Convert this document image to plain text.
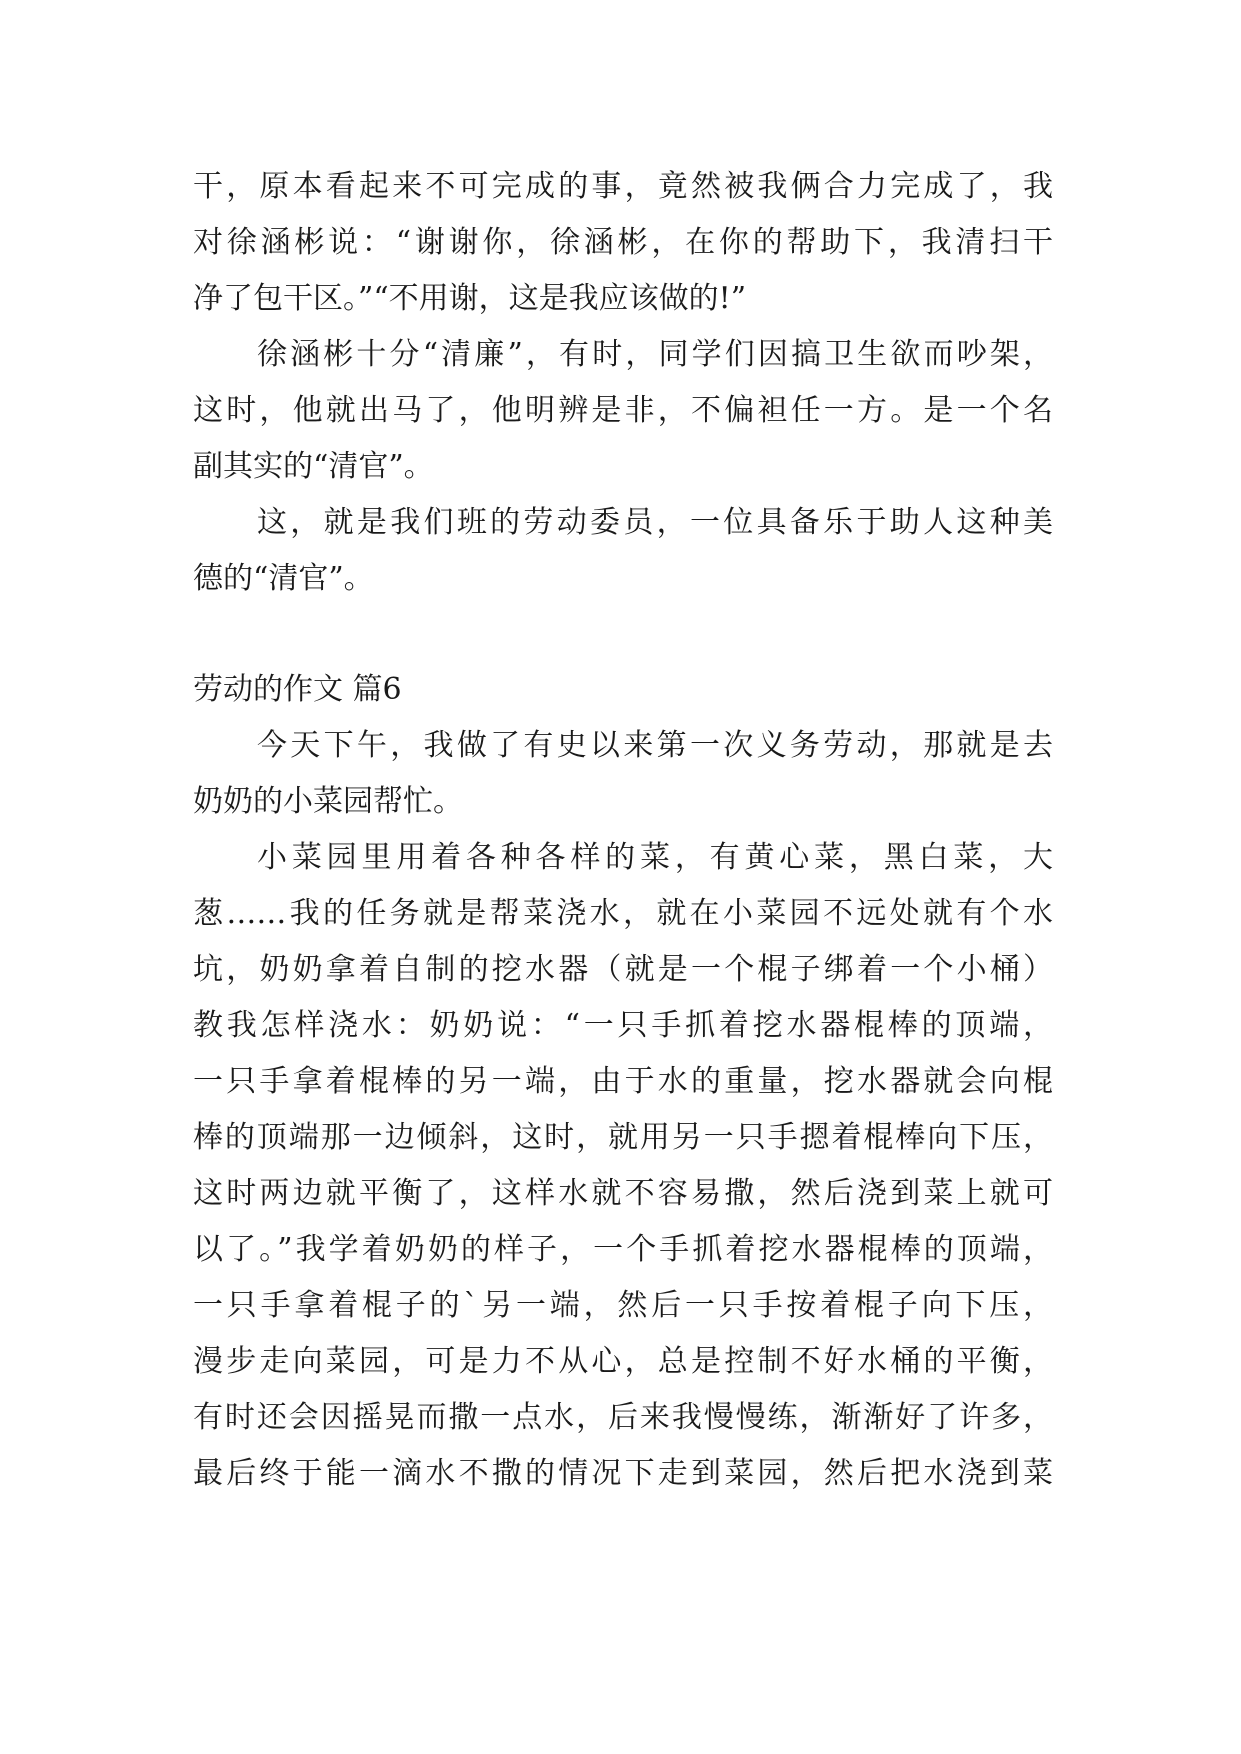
干，原本看起来不可完成的事，竟然被我俩合力完成了，我
对徐涵彬说：“谢谢你，徐涵彬，在你的帮助下，我清扫干
净了包干区。”“不用谢，这是我应该做的!”
徐涵彬十分“清廉”，有时，同学们因搞卫生欲而吵架，
这时，他就出马了，他明辨是非，不偏袒任一方。是一个名
副其实的“清官”。
这，就是我们班的劳动委员，一位具备乐于助人这种美
德的“清官”。
劳动的作文 篇6
今天下午，我做了有史以来第一次义务劳动，那就是去
奶奶的小菜园帮忙。
小菜园里用着各种各样的菜，有黄心菜，黑白菜，大
葱……我的任务就是帮菜浇水，就在小菜园不远处就有个水
坑，奶奶拿着自制的挖水器（就是一个棍子绑着一个小桶）
教我怎样浇水：奶奶说：“一只手抓着挖水器棍棒的顶端，
一只手拿着棍棒的另一端，由于水的重量，挖水器就会向棍
棒的顶端那一边倾斜，这时，就用另一只手摁着棍棒向下压，
这时两边就平衡了，这样水就不容易撒，然后浇到菜上就可
以了。”我学着奶奶的样子，一个手抓着挖水器棍棒的顶端，
一只手拿着棍子的`另一端，然后一只手按着棍子向下压，
漫步走向菜园，可是力不从心，总是控制不好水桶的平衡，
有时还会因摇晃而撒一点水，后来我慢慢练，渐渐好了许多，
最后终于能一滴水不撒的情况下走到菜园，然后把水浇到菜
